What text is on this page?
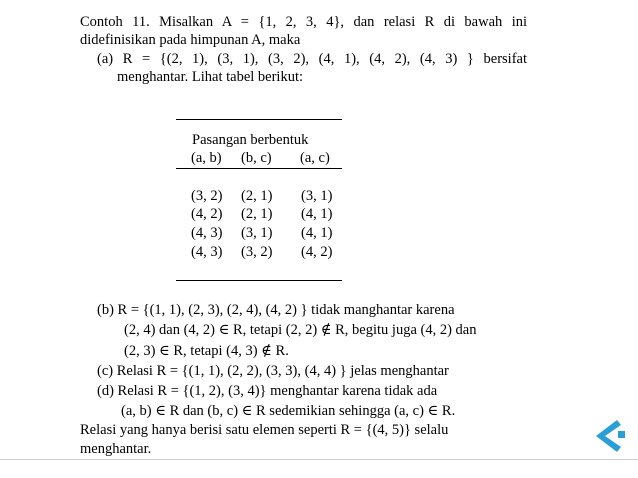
Contoh 11. Misalkan A = {1, 2, 3, 4}, dan relasi R di bawah ini
didefinisikan pada himpunan A, maka
(a) R = {(2, 1), (3, 1), (3, 2), (4, 1), (4, 2), (4, 3) } bersifat
menghantar. Lihat tabel berikut:
Pasangan berbentuk
(a, b) (b, c) (a, c)
(3, 2) (2, 1) (3, 1)
(4, 2) (2, 1) (4, 1)
(4, 3) (3, 1) (4, 1)
(4, 3) (3, 2) (4, 2)
(b) R = {(1, 1), (2, 3), (2, 4), (4, 2) } tidak manghantar karena
(2, 4) dan (4, 2) ∈ R, tetapi (2, 2) ∉ R, begitu juga (4, 2) dan
(2, 3) ∈ R, tetapi (4, 3) ∉ R.
(c) Relasi R = {(1, 1), (2, 2), (3, 3), (4, 4) } jelas menghantar
(d) Relasi R = {(1, 2), (3, 4)} menghantar karena tidak ada
(a, b) ∈ R dan (b, c) ∈ R sedemikian sehingga (a, c) ∈ R.
Relasi yang hanya berisi satu elemen seperti R = {(4, 5)} selalu
menghantar.
